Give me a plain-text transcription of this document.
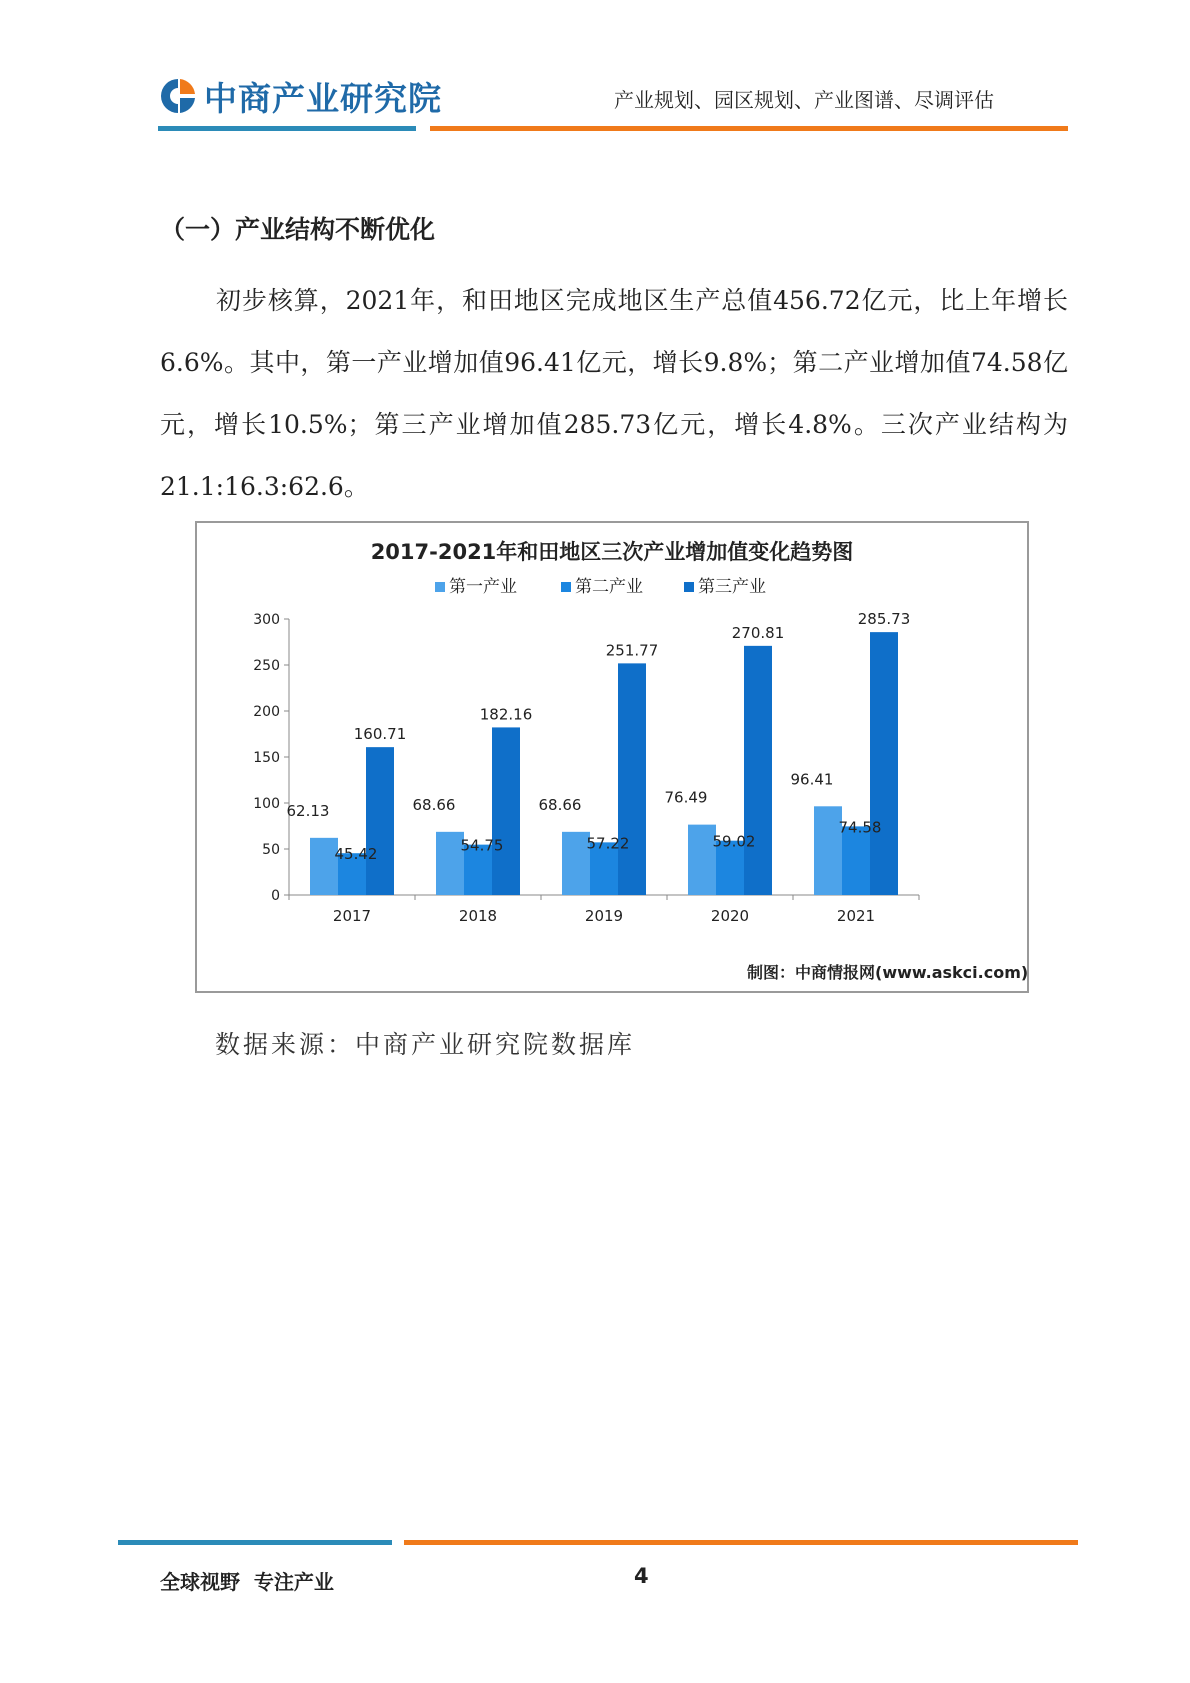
中商产业研究院	产业规划、园区规划、产业图谱、尽调评估
（一）产业结构不断优化
初步核算，2021年，和田地区完成地区生产总值456.72亿元，比上年增长6.6%。其中，第一产业增加值96.41亿元，增长9.8%；第二产业增加值74.58亿元，增长10.5%；第三产业增加值285.73亿元，增长4.8%。三次产业结构为21.1:16.3:62.6。
2017-2021年和田地区三次产业增加值变化趋势图
第一产业	第二产业	第三产业
0
50
100
150
200
250
300
2017	2018	2019	2020	2021
62.13
45.42
160.71
68.66
54.75
182.16
68.66
57.22
251.77
76.49
59.02
270.81
96.41
74.58
285.73
制图：中商情报网(www.askci.com)
数据来源：中商产业研究院数据库
全球视野  专注产业	4
